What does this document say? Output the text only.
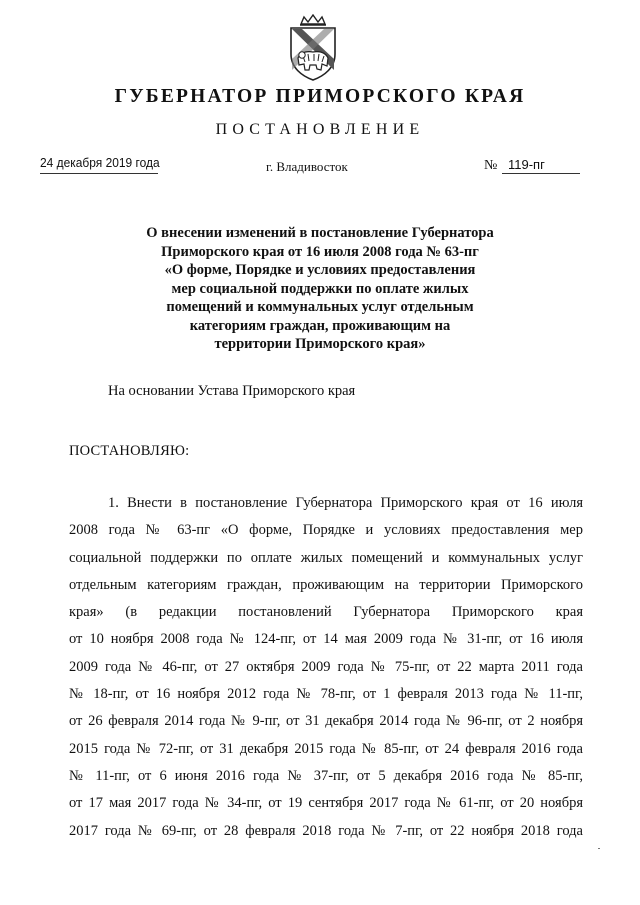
ГУБЕРНАТОР ПРИМОРСКОГО КРАЯ
ПОСТАНОВЛЕНИЕ
24 декабря 2019 года	г. Владивосток	№ 119-пг
О внесении изменений в постановление Губернатора
Приморского края от 16 июля 2008 года № 63-пг
«О форме, Порядке и условиях предоставления
мер социальной поддержки по оплате жилых
помещений и коммунальных услуг отдельным
категориям граждан, проживающим на
территории Приморского края»
На основании Устава Приморского края
ПОСТАНОВЛЯЮ:
1. Внести в постановление Губернатора Приморского края от 16 июля
2008 года № 63-пг «О форме, Порядке и условиях предоставления мер
социальной поддержки по оплате жилых помещений и коммунальных услуг
отдельным категориям граждан, проживающим на территории Приморского
края» (в редакции постановлений Губернатора Приморского края
от 10 ноября 2008 года № 124-пг, от 14 мая 2009 года № 31-пг, от 16 июля
2009 года № 46-пг, от 27 октября 2009 года № 75-пг, от 22 марта 2011 года
№ 18-пг, от 16 ноября 2012 года № 78-пг, от 1 февраля 2013 года № 11-пг,
от 26 февраля 2014 года № 9-пг, от 31 декабря 2014 года № 96-пг, от 2 ноября
2015 года № 72-пг, от 31 декабря 2015 года № 85-пг, от 24 февраля 2016 года
№ 11-пг, от 6 июня 2016 года № 37-пг, от 5 декабря 2016 года № 85-пг,
от 17 мая 2017 года № 34-пг, от 19 сентября 2017 года № 61-пг, от 20 ноября
2017 года № 69-пг, от 28 февраля 2018 года № 7-пг, от 22 ноября 2018 года
